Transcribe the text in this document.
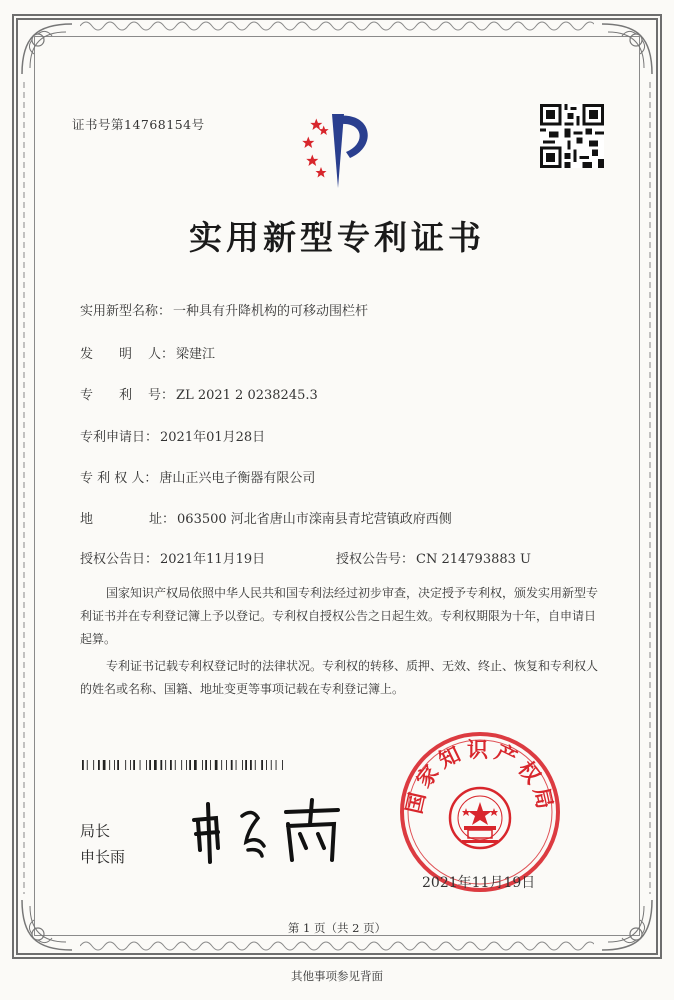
证书号第14768154号
实用新型专利证书
实用新型名称： 一种具有升降机构的可移动围栏杆
发 明 人： 梁建江
专 利 号： ZL 2021 2 0238245.3
专利申请日： 2021年01月28日
专 利 权 人： 唐山正兴电子衡器有限公司
地	址： 063500 河北省唐山市滦南县青坨营镇政府西侧
授权公告日： 2021年11月19日	授权公告号： CN 214793883 U

国家知识产权局依照中华人民共和国专利法经过初步审查，决定授予专利权，颁发实用新型专利证书并在专利登记簿上予以登记。专利权自授权公告之日起生效。专利权期限为十年，自申请日起算。

专利证书记载专利权登记时的法律状况。专利权的转移、质押、无效、终止、恢复和专利权人的姓名或名称、国籍、地址变更等事项记载在专利登记簿上。

局长
申长雨
国家知识产权局
2021年11月19日
第 1 页（共 2 页）
其他事项参见背面
